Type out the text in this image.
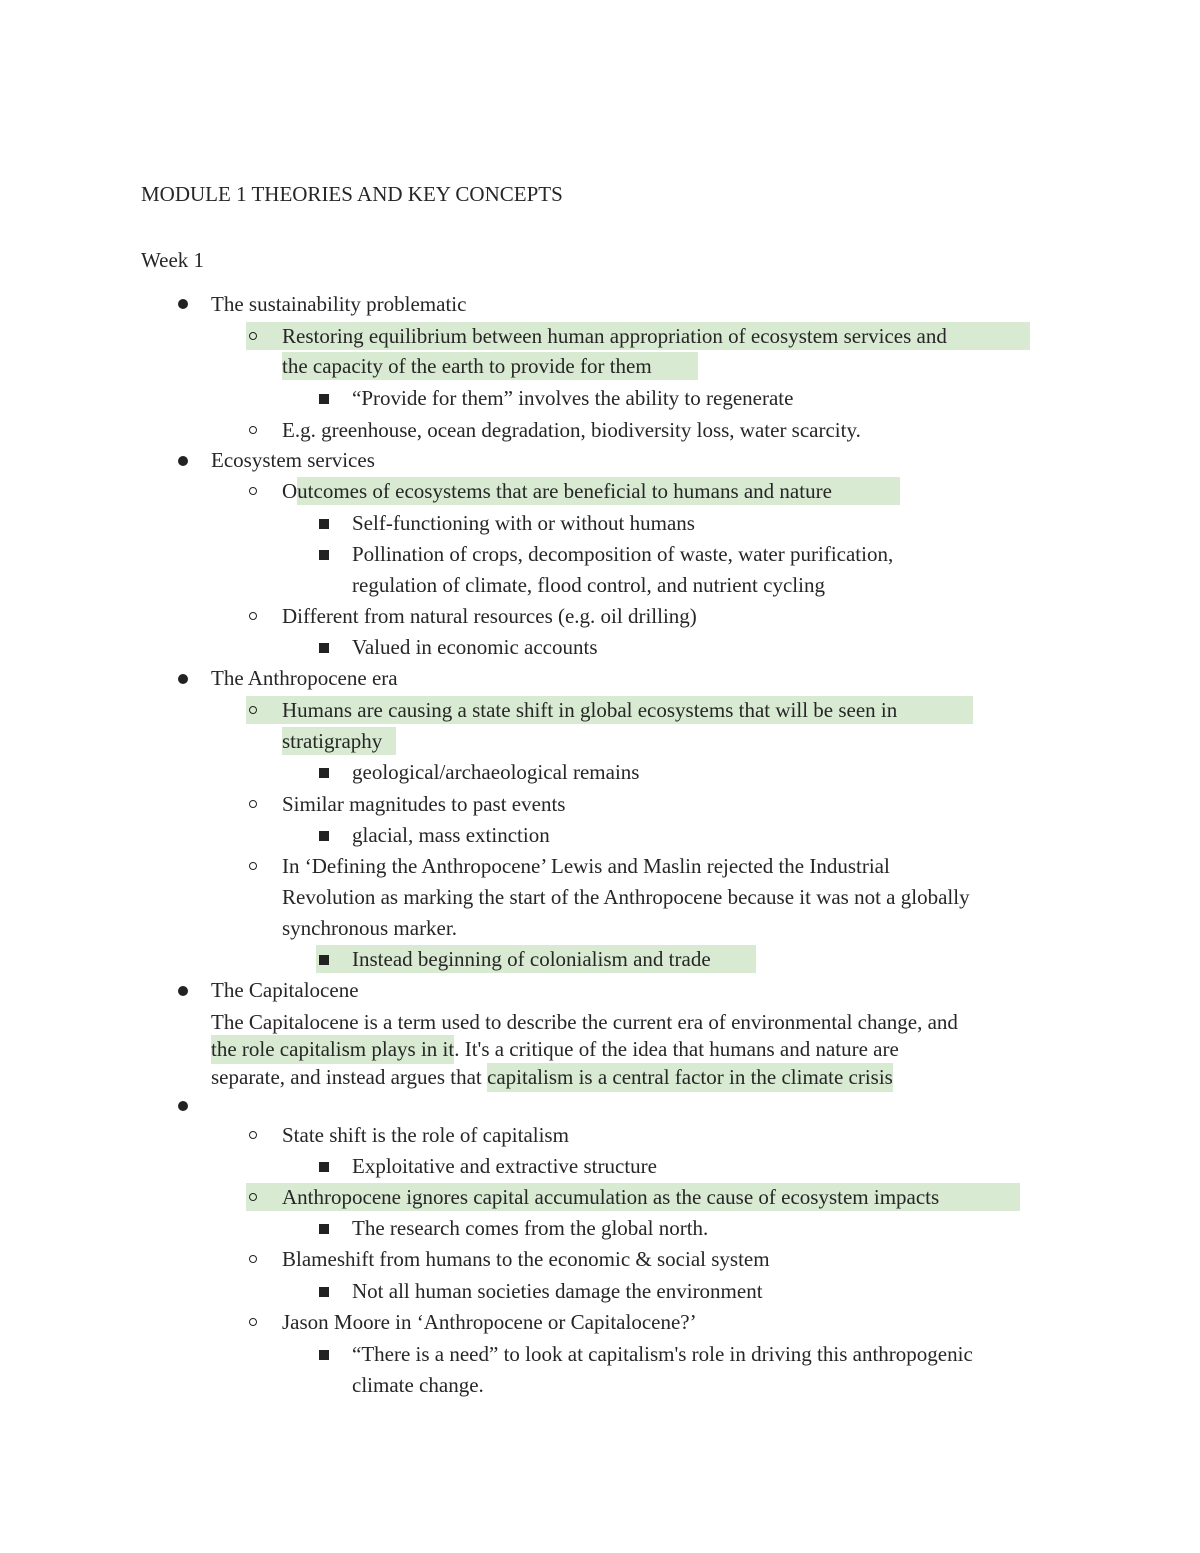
MODULE 1 THEORIES AND KEY CONCEPTS
Week 1
The sustainability problematic
Restoring equilibrium between human appropriation of ecosystem services and
the capacity of the earth to provide for them
“Provide for them” involves the ability to regenerate
E.g. greenhouse, ocean degradation, biodiversity loss, water scarcity.
Ecosystem services
Outcomes of ecosystems that are beneficial to humans and nature
Self-functioning with or without humans
Pollination of crops, decomposition of waste, water purification,
regulation of climate, flood control, and nutrient cycling
Different from natural resources (e.g. oil drilling)
Valued in economic accounts
The Anthropocene era
Humans are causing a state shift in global ecosystems that will be seen in
stratigraphy
geological/archaeological remains
Similar magnitudes to past events
glacial, mass extinction
In ‘Defining the Anthropocene’ Lewis and Maslin rejected the Industrial
Revolution as marking the start of the Anthropocene because it was not a globally
synchronous marker.
Instead beginning of colonialism and trade
The Capitalocene
The Capitalocene is a term used to describe the current era of environmental change, and
the role capitalism plays in it. It's a critique of the idea that humans and nature are
separate, and instead argues that capitalism is a central factor in the climate crisis
State shift is the role of capitalism
Exploitative and extractive structure
Anthropocene ignores capital accumulation as the cause of ecosystem impacts
The research comes from the global north.
Blameshift from humans to the economic & social system
Not all human societies damage the environment
Jason Moore in ‘Anthropocene or Capitalocene?’
“There is a need” to look at capitalism's role in driving this anthropogenic
climate change.
